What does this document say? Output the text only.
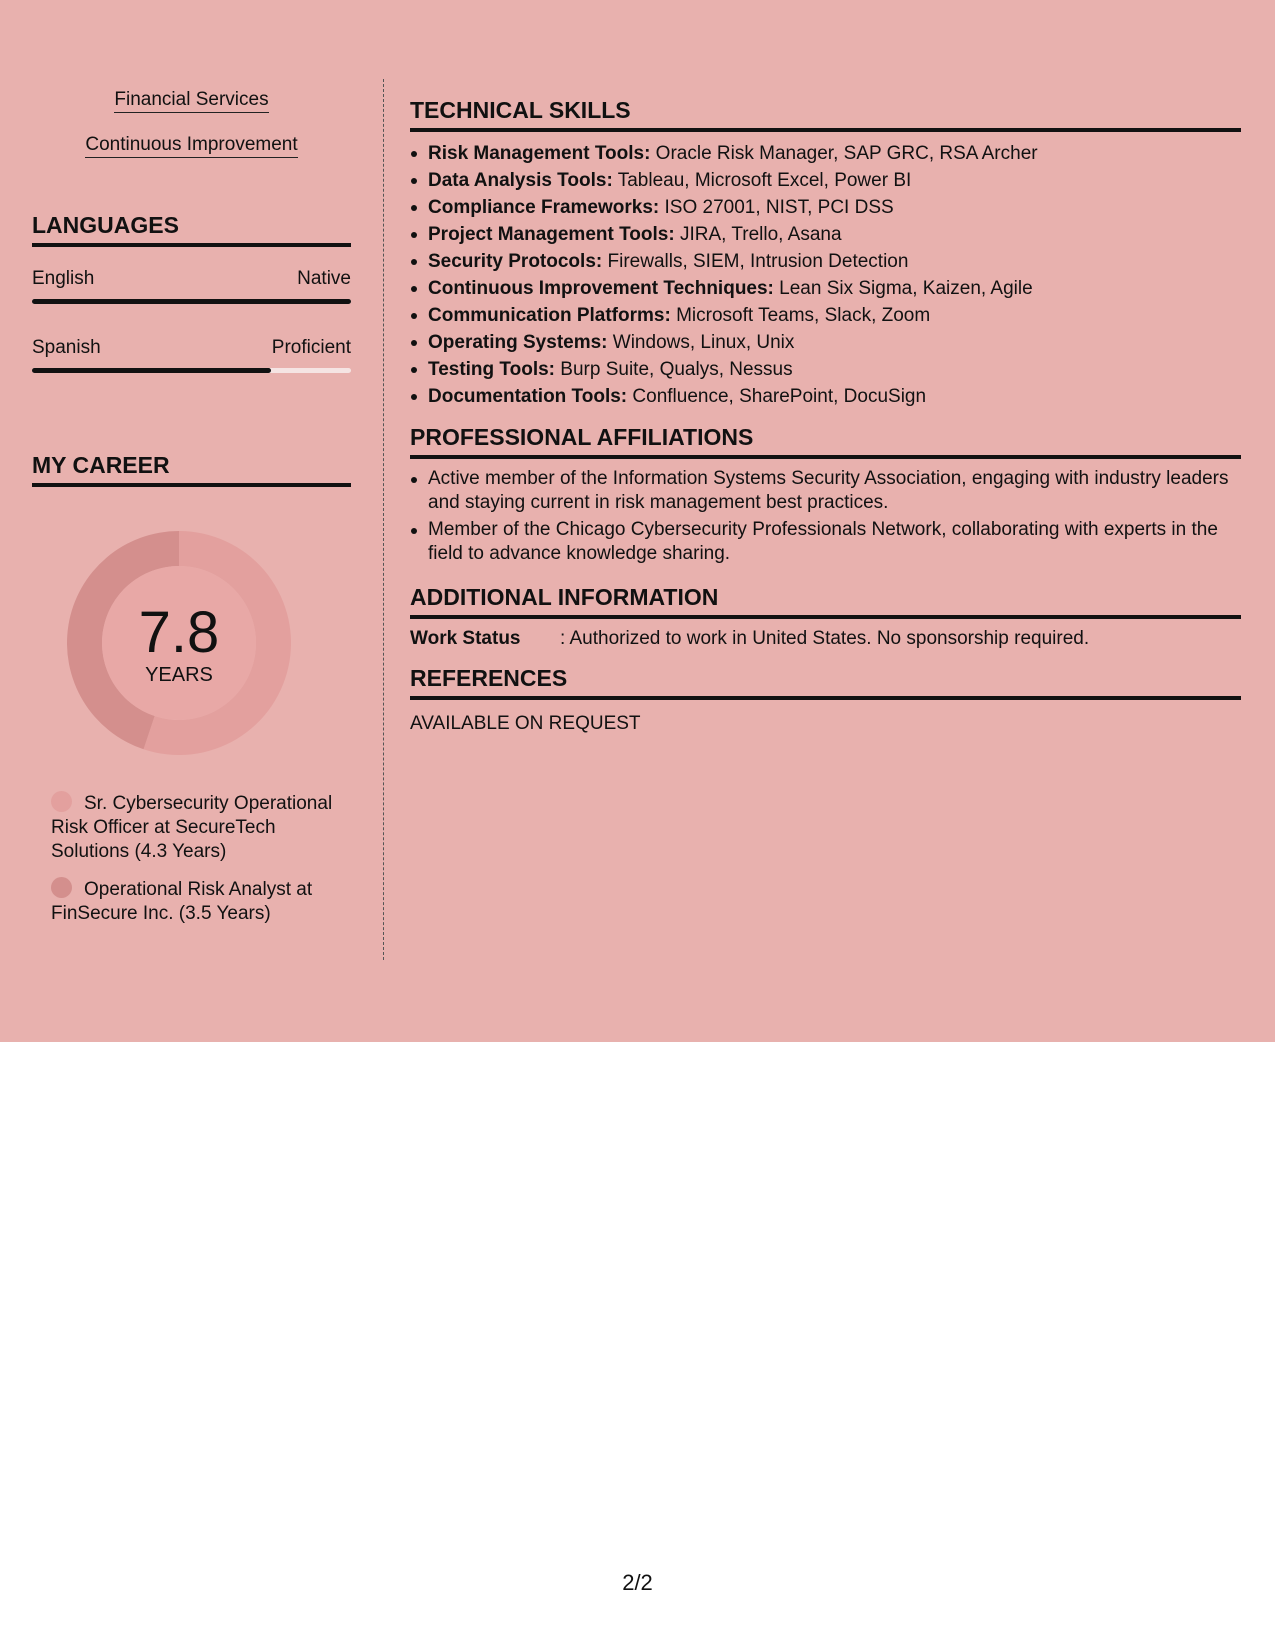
Financial Services
Continuous Improvement
LANGUAGES
English	Native
Spanish	Proficient
MY CAREER
7.8
YEARS
Sr. Cybersecurity Operational Risk Officer at SecureTech Solutions (4.3 Years)
Operational Risk Analyst at FinSecure Inc. (3.5 Years)
TECHNICAL SKILLS
Risk Management Tools: Oracle Risk Manager, SAP GRC, RSA Archer
Data Analysis Tools: Tableau, Microsoft Excel, Power BI
Compliance Frameworks: ISO 27001, NIST, PCI DSS
Project Management Tools: JIRA, Trello, Asana
Security Protocols: Firewalls, SIEM, Intrusion Detection
Continuous Improvement Techniques: Lean Six Sigma, Kaizen, Agile
Communication Platforms: Microsoft Teams, Slack, Zoom
Operating Systems: Windows, Linux, Unix
Testing Tools: Burp Suite, Qualys, Nessus
Documentation Tools: Confluence, SharePoint, DocuSign
PROFESSIONAL AFFILIATIONS
Active member of the Information Systems Security Association, engaging with industry leaders and staying current in risk management best practices.
Member of the Chicago Cybersecurity Professionals Network, collaborating with experts in the field to advance knowledge sharing.
ADDITIONAL INFORMATION
Work Status	: Authorized to work in United States. No sponsorship required.
REFERENCES
AVAILABLE ON REQUEST
2/2
